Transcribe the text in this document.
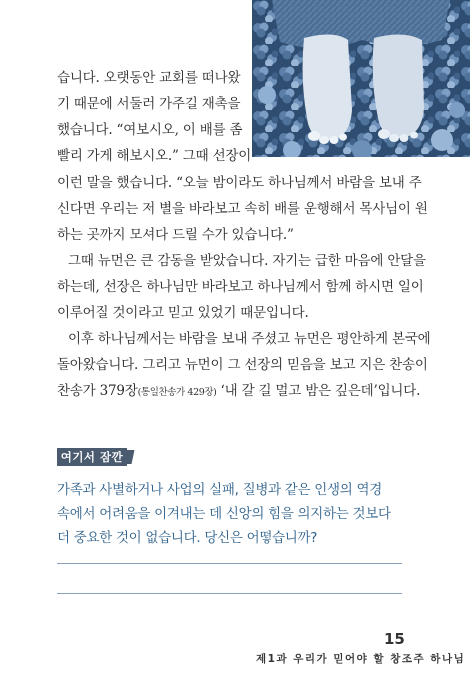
습니다. 오랫동안 교회를 떠나왔
기 때문에 서둘러 가주길 재촉을
했습니다. “여보시오, 이 배를 좀
빨리 가게 해보시오.” 그때 선장이
이런 말을 했습니다. “오늘 밤이라도 하나님께서 바람을 보내 주
신다면 우리는 저 별을 바라보고 속히 배를 운행해서 목사님이 원
하는 곳까지 모셔다 드릴 수가 있습니다.”
그때 뉴먼은 큰 감동을 받았습니다. 자기는 급한 마음에 안달을
하는데, 선장은 하나님만 바라보고 하나님께서 함께 하시면 일이
이루어질 것이라고 믿고 있었기 때문입니다.
이후 하나님께서는 바람을 보내 주셨고 뉴먼은 평안하게 본국에
돌아왔습니다. 그리고 뉴먼이 그 선장의 믿음을 보고 지은 찬송이
찬송가 379장(통일찬송가 429장) ‘내 갈 길 멀고 밤은 깊은데’입니다.
여기서 잠깐
가족과 사별하거나 사업의 실패, 질병과 같은 인생의 역경
속에서 어려움을 이겨내는 데 신앙의 힘을 의지하는 것보다
더 중요한 것이 없습니다. 당신은 어떻습니까?
15
제1과 우리가 믿어야 할 창조주 하나님
